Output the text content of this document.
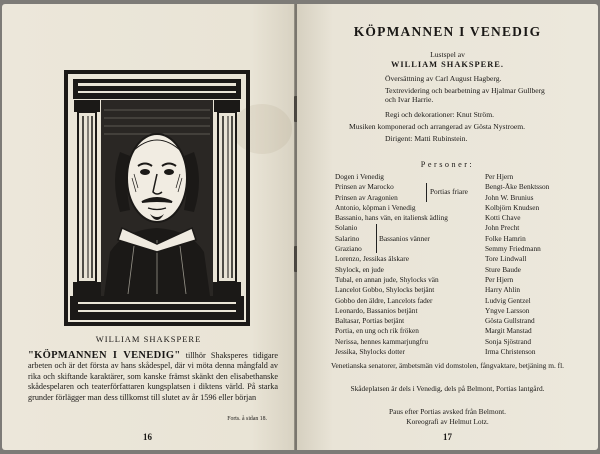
WILLIAM SHAKSPERE
"KÖPMANNEN I VENEDIG" tillhör Shaksperes tidigare arbeten och är det första av hans skådespel, där vi möta denna mångfald av rika och skiftande karaktärer, som kanske främst skänkt den elisabethanske skådespelaren och teaterförfattaren kungsplatsen i diktens värld. På starka grunder förlägger man dess tillkomst till slutet av år 1596 eller början
Forts. å sidan 18.
16
KÖPMANNEN I VENEDIG
Lustspel av
WILLIAM SHAKSPERE.
Översättning av Carl August Hagberg.
Textrevidering och bearbetning av Hjalmar Gullberg och Ivar Harrie.
Regi och dekorationer: Knut Ström.
Musiken komponerad och arrangerad av Gösta Nystroem.
Dirigent: Matti Rubinstein.
Personer:
Portias friare
Bassanios vänner
Dogen i Venedig	Per Hjern
Prinsen av Marocko	Bengt-Åke Benktsson
Prinsen av Aragonien	John W. Brunius
Antonio, köpman i Venedig	Kolbjörn Knudsen
Bassanio, hans vän, en italiensk ädling	Kotti Chave
Solanio	John Precht
Salarino	Folke Hamrin
Graziano	Semmy Friedmann
Lorenzo, Jessikas älskare	Tore Lindwall
Shylock, en jude	Sture Baude
Tubal, en annan jude, Shylocks vän	Per Hjern
Lancelot Gobbo, Shylocks betjänt	Harry Ahlin
Gobbo den äldre, Lancelots fader	Ludvig Gentzel
Leonardo, Bassanios betjänt	Yngve Larsson
Baltasar, Portias betjänt	Gösta Gullstrand
Portia, en ung och rik fröken	Margit Manstad
Nerissa, hennes kammarjungfru	Sonja Sjöstrand
Jessika, Shylocks dotter	Irma Christenson
Venetianska senatorer, ämbetsmän vid domstolen, fångvaktare, betjäning m. fl.
Skådeplatsen är dels i Venedig, dels på Belmont, Portias lantgård.
Paus efter Portias avsked från Belmont.
Koreografi av Helmut Lotz.
17
